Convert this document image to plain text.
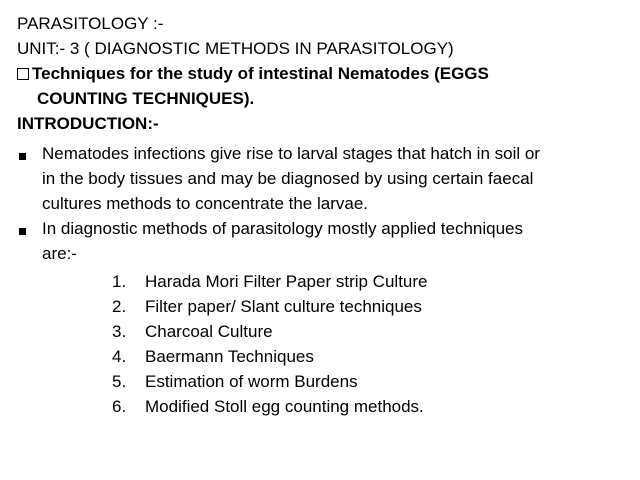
PARASITOLOGY :-
UNIT:- 3 ( DIAGNOSTIC METHODS IN PARASITOLOGY)
Techniques for the study of intestinal Nematodes (EGGS
COUNTING TECHNIQUES).
INTRODUCTION:-
Nematodes infections give rise to larval stages that hatch in soil or
in the body tissues and may be diagnosed by using certain faecal
cultures methods to concentrate the larvae.
In diagnostic methods of parasitology mostly applied techniques
are:-
1. Harada Mori Filter Paper strip Culture
2. Filter paper/ Slant culture techniques
3. Charcoal Culture
4. Baermann Techniques
5. Estimation of worm Burdens
6. Modified Stoll egg counting methods.
